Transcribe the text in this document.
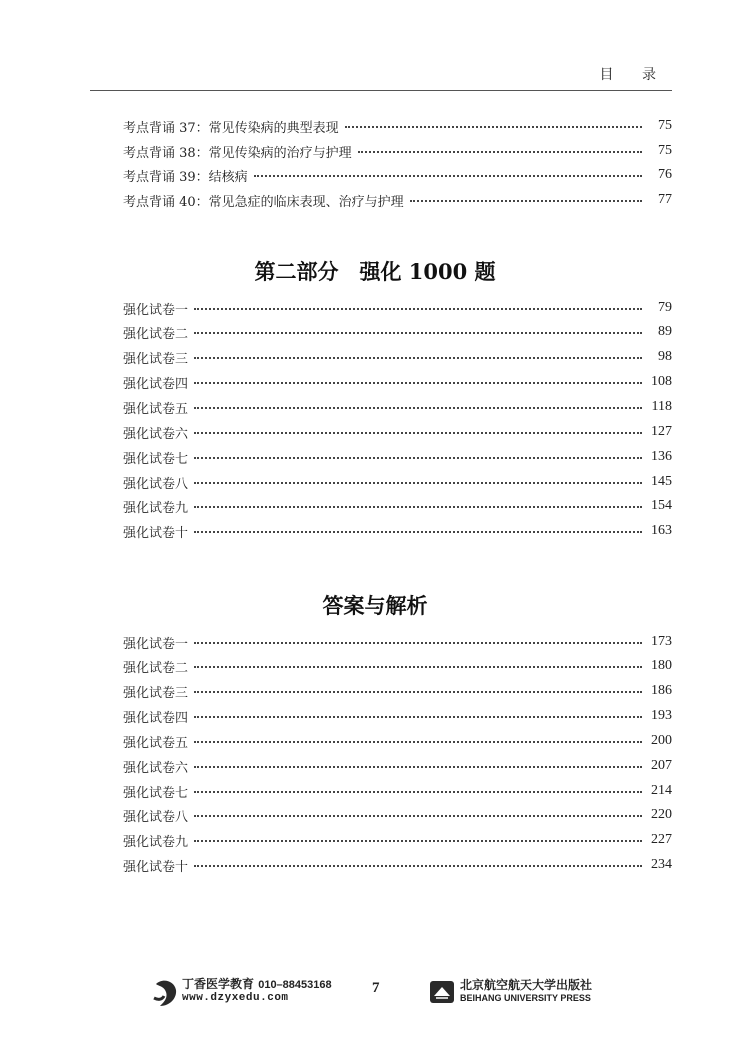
目 录
考点背诵 37：常见传染病的典型表现	75
考点背诵 38：常见传染病的治疗与护理	75
考点背诵 39：结核病	76
考点背诵 40：常见急症的临床表现、治疗与护理	77
第二部分　强化 1000 题
强化试卷一	79
强化试卷二	89
强化试卷三	98
强化试卷四	108
强化试卷五	118
强化试卷六	127
强化试卷七	136
强化试卷八	145
强化试卷九	154
强化试卷十	163
答案与解析
强化试卷一	173
强化试卷二	180
强化试卷三	186
强化试卷四	193
强化试卷五	200
强化试卷六	207
强化试卷七	214
强化试卷八	220
强化试卷九	227
强化试卷十	234
丁香医学教育 010–88453168
www.dzyxedu.com
7	北京航空航天大学出版社
BEIHANG UNIVERSITY PRESS
